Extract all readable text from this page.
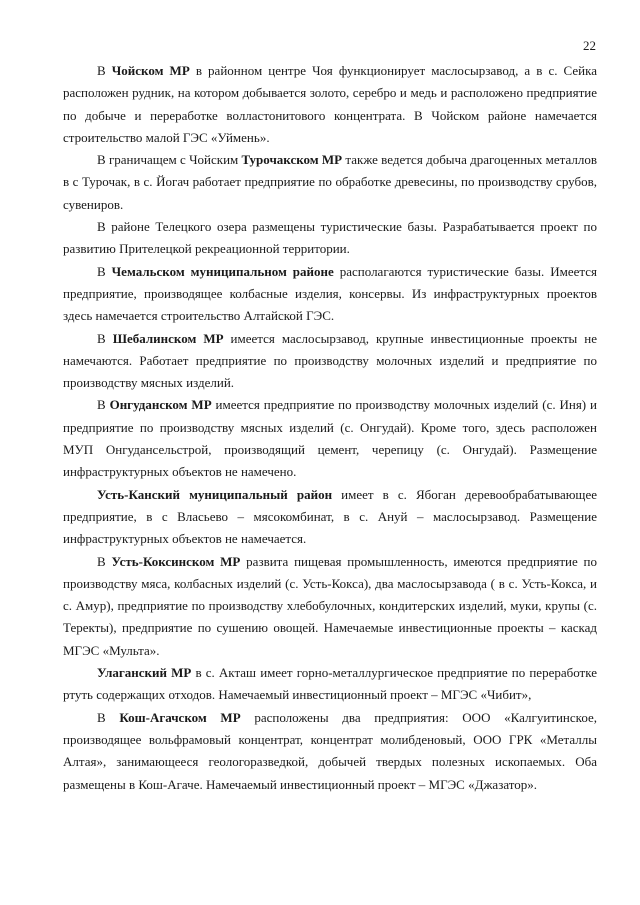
22

В Чойском МР в районном центре Чоя функционирует маслосырзавод, а в с. Сейка расположен рудник, на котором добывается золото, серебро и медь и расположено предприятие по добыче и переработке волластонитового концентрата. В Чойском районе намечается строительство малой ГЭС «Уймень».

В граничащем с Чойским Турочакском МР также ведется добыча драгоценных металлов в с Турочак, в с. Йогач работает предприятие по обработке древесины, по производству срубов, сувениров.

В районе Телецкого озера размещены туристические базы. Разрабатывается проект по развитию Прителецкой рекреационной территории.

В Чемальском муниципальном районе располагаются туристические базы. Имеется предприятие, производящее колбасные изделия, консервы. Из инфраструктурных проектов здесь намечается строительство Алтайской ГЭС.

В Шебалинском МР имеется маслосырзавод, крупные инвестиционные проекты не намечаются. Работает предприятие по производству молочных изделий и предприятие по производству мясных изделий.

В Онгуданском МР имеется предприятие по производству молочных изделий (с. Иня) и предприятие по производству мясных изделий (с. Онгудай). Кроме того, здесь расположен МУП Онгудансельстрой, производящий цемент, черепицу (с. Онгудай). Размещение инфраструктурных объектов не намечено.

Усть-Канский муниципальный район имеет в с. Ябоган деревообрабатывающее предприятие, в с Власьево – мясокомбинат, в с. Ануй – маслосырзавод. Размещение инфраструктурных объектов не намечается.

В Усть-Коксинском МР развита пищевая промышленность, имеются предприятие по производству мяса, колбасных изделий (с. Усть-Кокса), два маслосырзавода ( в с. Усть-Кокса, и с. Амур), предприятие по производству хлебобулочных, кондитерских изделий, муки, крупы (с. Теректы), предприятие по сушению овощей. Намечаемые инвестиционные проекты – каскад МГЭС «Мульта».

Улаганский МР в с. Акташ имеет горно-металлургическое предприятие по переработке ртуть содержащих отходов. Намечаемый инвестиционный проект – МГЭС «Чибит»,

В Кош-Агачском МР расположены два предприятия: ООО «Калгуитинское, производящее вольфрамовый концентрат, концентрат молибденовый, ООО ГРК «Металлы Алтая», занимающееся геологоразведкой, добычей твердых полезных ископаемых. Оба размещены в Кош-Агаче. Намечаемый инвестиционный проект – МГЭС «Джазатор».
